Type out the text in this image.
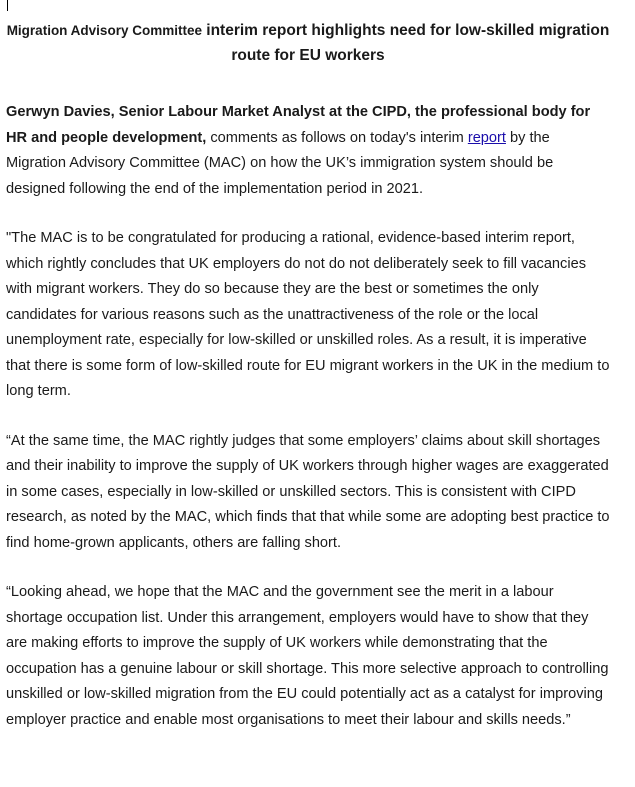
Migration Advisory Committee interim report highlights need for low-skilled migration route for EU workers

Gerwyn Davies, Senior Labour Market Analyst at the CIPD, the professional body for HR and people development, comments as follows on today's interim report by the Migration Advisory Committee (MAC) on how the UK’s immigration system should be designed following the end of the implementation period in 2021.

"The MAC is to be congratulated for producing a rational, evidence-based interim report, which rightly concludes that UK employers do not do not deliberately seek to fill vacancies with migrant workers. They do so because they are the best or sometimes the only candidates for various reasons such as the unattractiveness of the role or the local unemployment rate, especially for low-skilled or unskilled roles. As a result, it is imperative that there is some form of low-skilled route for EU migrant workers in the UK in the medium to long term.

“At the same time, the MAC rightly judges that some employers’ claims about skill shortages and their inability to improve the supply of UK workers through higher wages are exaggerated in some cases, especially in low-skilled or unskilled sectors. This is consistent with CIPD research, as noted by the MAC, which finds that that while some are adopting best practice to find home-grown applicants, others are falling short.

“Looking ahead, we hope that the MAC and the government see the merit in a labour shortage occupation list. Under this arrangement, employers would have to show that they are making efforts to improve the supply of UK workers while demonstrating that the occupation has a genuine labour or skill shortage. This more selective approach to controlling unskilled or low-skilled migration from the EU could potentially act as a catalyst for improving employer practice and enable most organisations to meet their labour and skills needs.”
